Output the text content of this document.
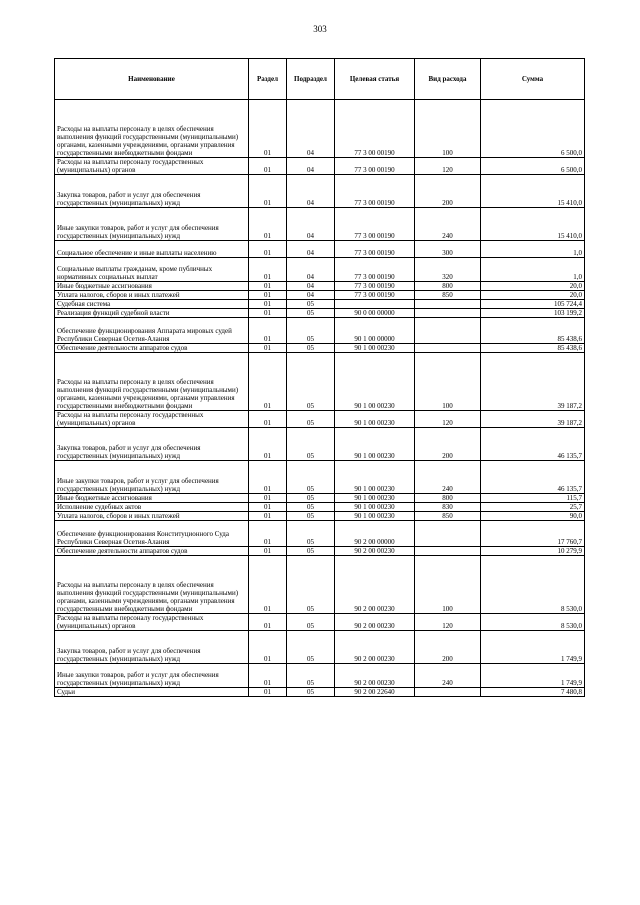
303
Наименование	Раздел	Подраздел	Целевая статья	Вид расхода	Сумма
Расходы на выплаты персоналу в целях обеспечения выполнения функций государственными (муниципальными) органами, казенными учреждениями, органами управления государственными внебюджетными фондами	01	04	77 3 00 00190	100	6 500,0
Расходы на выплаты персоналу государственных (муниципальных) органов	01	04	77 3 00 00190	120	6 500,0
Закупка товаров, работ и услуг для обеспечения государственных (муниципальных) нужд	01	04	77 3 00 00190	200	15 410,0
Иные закупки товаров, работ и услуг для обеспечения государственных (муниципальных) нужд	01	04	77 3 00 00190	240	15 410,0
Социальное обеспечение и иные выплаты населению	01	04	77 3 00 00190	300	1,0
Социальные выплаты гражданам, кроме публичных нормативных социальных выплат	01	04	77 3 00 00190	320	1,0
Иные бюджетные ассигнования	01	04	77 3 00 00190	800	20,0
Уплата налогов, сборов и иных платежей	01	04	77 3 00 00190	850	20,0
Судебная система	01	05			105 724,4
Реализация функций судебной власти	01	05	90 0 00 00000		103 199,2
Обеспечение функционирования Аппарата мировых судей Республики Северная Осетия-Алания	01	05	90 1 00 00000		85 438,6
Обеспечение деятельности аппаратов судов	01	05	90 1 00 00230		85 438,6
Расходы на выплаты персоналу в целях обеспечения выполнения функций государственными (муниципальными) органами, казенными учреждениями, органами управления государственными внебюджетными фондами	01	05	90 1 00 00230	100	39 187,2
Расходы на выплаты персоналу государственных (муниципальных) органов	01	05	90 1 00 00230	120	39 187,2
Закупка товаров, работ и услуг для обеспечения государственных (муниципальных) нужд	01	05	90 1 00 00230	200	46 135,7
Иные закупки товаров, работ и услуг для обеспечения государственных (муниципальных) нужд	01	05	90 1 00 00230	240	46 135,7
Иные бюджетные ассигнования	01	05	90 1 00 00230	800	115,7
Исполнение судебных актов	01	05	90 1 00 00230	830	25,7
Уплата налогов, сборов и иных платежей	01	05	90 1 00 00230	850	90,0
Обеспечение функционирования Конституционного Суда Республики Северная Осетия-Алания	01	05	90 2 00 00000		17 760,7
Обеспечение деятельности аппаратов судов	01	05	90 2 00 00230		10 279,9
Расходы на выплаты персоналу в целях обеспечения выполнения функций государственными (муниципальными) органами, казенными учреждениями, органами управления государственными внебюджетными фондами	01	05	90 2 00 00230	100	8 530,0
Расходы на выплаты персоналу государственных (муниципальных) органов	01	05	90 2 00 00230	120	8 530,0
Закупка товаров, работ и услуг для обеспечения государственных (муниципальных) нужд	01	05	90 2 00 00230	200	1 749,9
Иные закупки товаров, работ и услуг для обеспечения государственных (муниципальных) нужд	01	05	90 2 00 00230	240	1 749,9
Судьи	01	05	90 2 00 22640		7 480,8
